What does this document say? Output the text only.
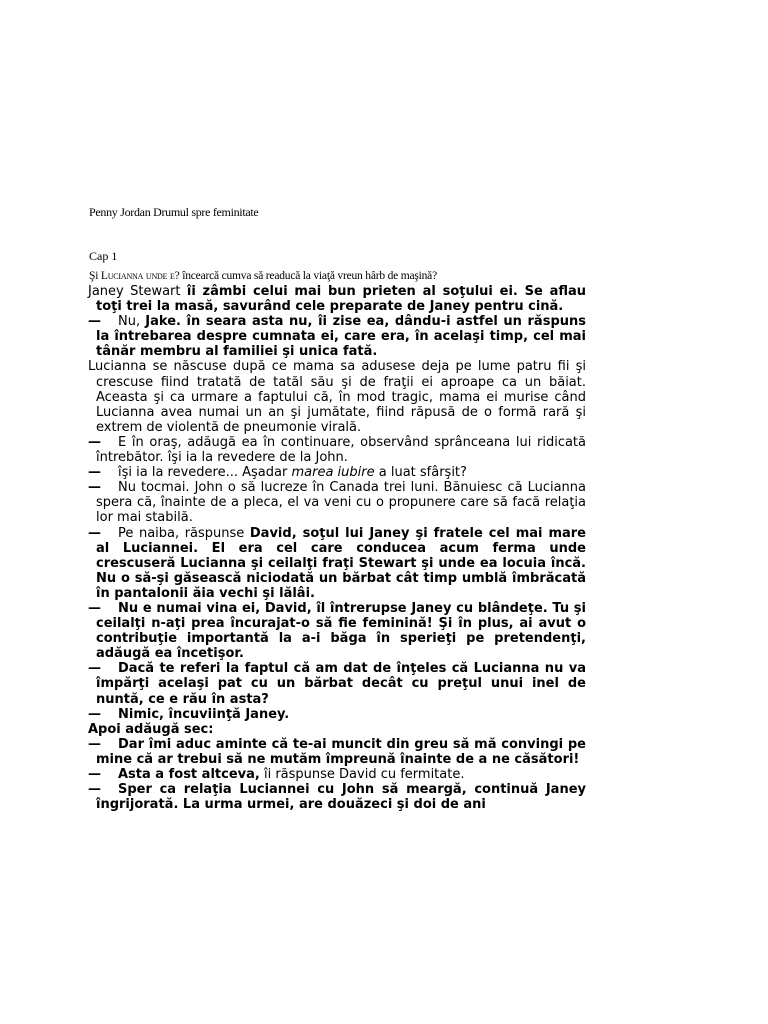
Penny Jordan Drumul spre feminitate
Cap 1
Şi Lucianna unde e? încearcă cumva să readucă la viaţă vreun hârb de maşină?

Janey Stewart îi zâmbi celui mai bun prieten al soţului ei. Se aflau toţi trei la masă, savurând cele preparate de Janey pentru cină.

— Nu, Jake. în seara asta nu, îi zise ea, dându-i astfel un răspuns la întrebarea despre cumnata ei, care era, în acelaşi timp, cel mai tânăr membru al familiei şi unica fată.

Lucianna se născuse după ce mama sa adusese deja pe lume patru fii şi crescuse fiind tratată de tatăl său şi de fraţii ei aproape ca un băiat. Aceasta şi ca urmare a faptului că, în mod tragic, mama ei murise când Lucianna avea numai un an şi jumătate, fiind răpusă de o formă rară şi extrem de violentă de pneumonie virală.

— E în oraş, adăugă ea în continuare, observând sprânceana lui ridicată întrebător. îşi ia la revedere de la John.

— îşi ia la revedere... Aşadar marea iubire a luat sfârşit?

— Nu tocmai. John o să lucreze în Canada trei luni. Bănuiesc că Lucianna spera că, înainte de a pleca, el va veni cu o propunere care să facă relaţia lor mai stabilă.

— Pe naiba, răspunse David, soţul lui Janey şi fratele cel mai mare al Luciannei. El era cel care conducea acum ferma unde crescuseră Lucianna şi ceilalţi fraţi Stewart şi unde ea locuia încă. Nu o să-şi găsească niciodată un bărbat cât timp umblă îmbrăcată în pantalonii ăia vechi şi lălâi.

— Nu e numai vina ei, David, îl întrerupse Janey cu blândeţe. Tu şi ceilalţi n-aţi prea încurajat-o să fie feminină! Şi în plus, ai avut o contribuţie importantă la a-i băga în sperieţi pe pretendenţi, adăugă ea încetişor.

— Dacă te referi la faptul că am dat de înţeles că Lucianna nu va împărţi acelaşi pat cu un bărbat decât cu preţul unui inel de nuntă, ce e rău în asta?

— Nimic, încuviinţă Janey.

Apoi adăugă sec:

— Dar îmi aduc aminte că te-ai muncit din greu să mă convingi pe mine că ar trebui să ne mutăm împreună înainte de a ne căsători!

— Asta a fost altceva, îi răspunse David cu fermitate.

— Sper ca relaţia Luciannei cu John să meargă, continuă Janey îngrijorată. La urma urmei, are douăzeci şi doi de ani
